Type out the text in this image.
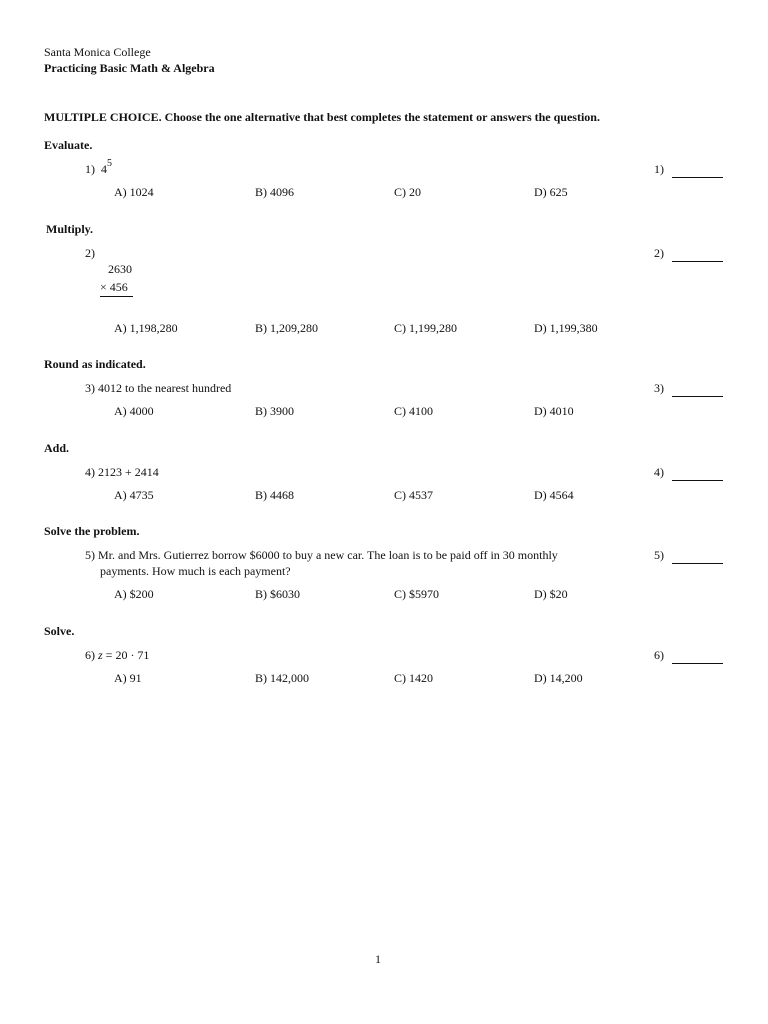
Santa Monica College
Practicing Basic Math & Algebra
MULTIPLE CHOICE. Choose the one alternative that best completes the statement or answers the question.
Evaluate.
1) $4^5$	1)
A) 1024	B) 4096	C) 20	D) 625
Multiply.
2)
2630
× 456
2)
A) 1,198,280	B) 1,209,280	C) 1,199,280	D) 1,199,380
Round as indicated.
3) 4012 to the nearest hundred	3)
A) 4000	B) 3900	C) 4100	D) 4010
Add.
4) 2123 + 2414	4)
A) 4735	B) 4468	C) 4537	D) 4564
Solve the problem.
5) Mr. and Mrs. Gutierrez borrow $6000 to buy a new car. The loan is to be paid off in 30 monthly
payments. How much is each payment?
5)
A) $200	B) $6030	C) $5970	D) $20
Solve.
6) z = 20 · 71	6)
A) 91	B) 142,000	C) 1420	D) 14,200
1
